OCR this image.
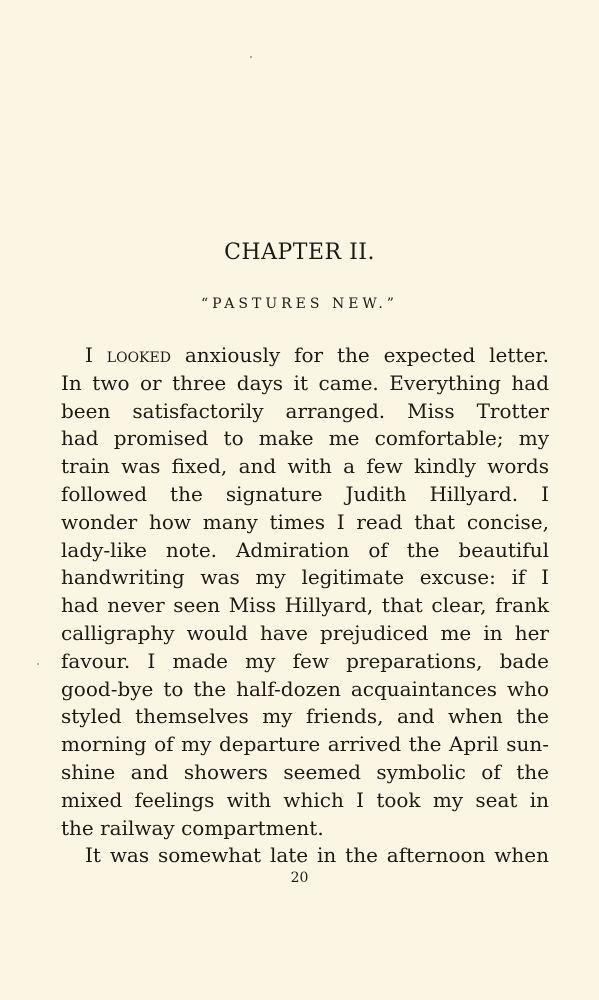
CHAPTER II.
“PASTURES NEW.”
I looked anxiously for the expected letter.
In two or three days it came. Everything had
been satisfactorily arranged. Miss Trotter
had promised to make me comfortable; my
train was fixed, and with a few kindly words
followed the signature Judith Hillyard. I
wonder how many times I read that concise,
lady-like note. Admiration of the beautiful
handwriting was my legitimate excuse: if I
had never seen Miss Hillyard, that clear, frank
calligraphy would have prejudiced me in her
favour. I made my few preparations, bade
good-bye to the half-dozen acquaintances who
styled themselves my friends, and when the
morning of my departure arrived the April sun-
shine and showers seemed symbolic of the
mixed feelings with which I took my seat in
the railway compartment.
It was somewhat late in the afternoon when
20
